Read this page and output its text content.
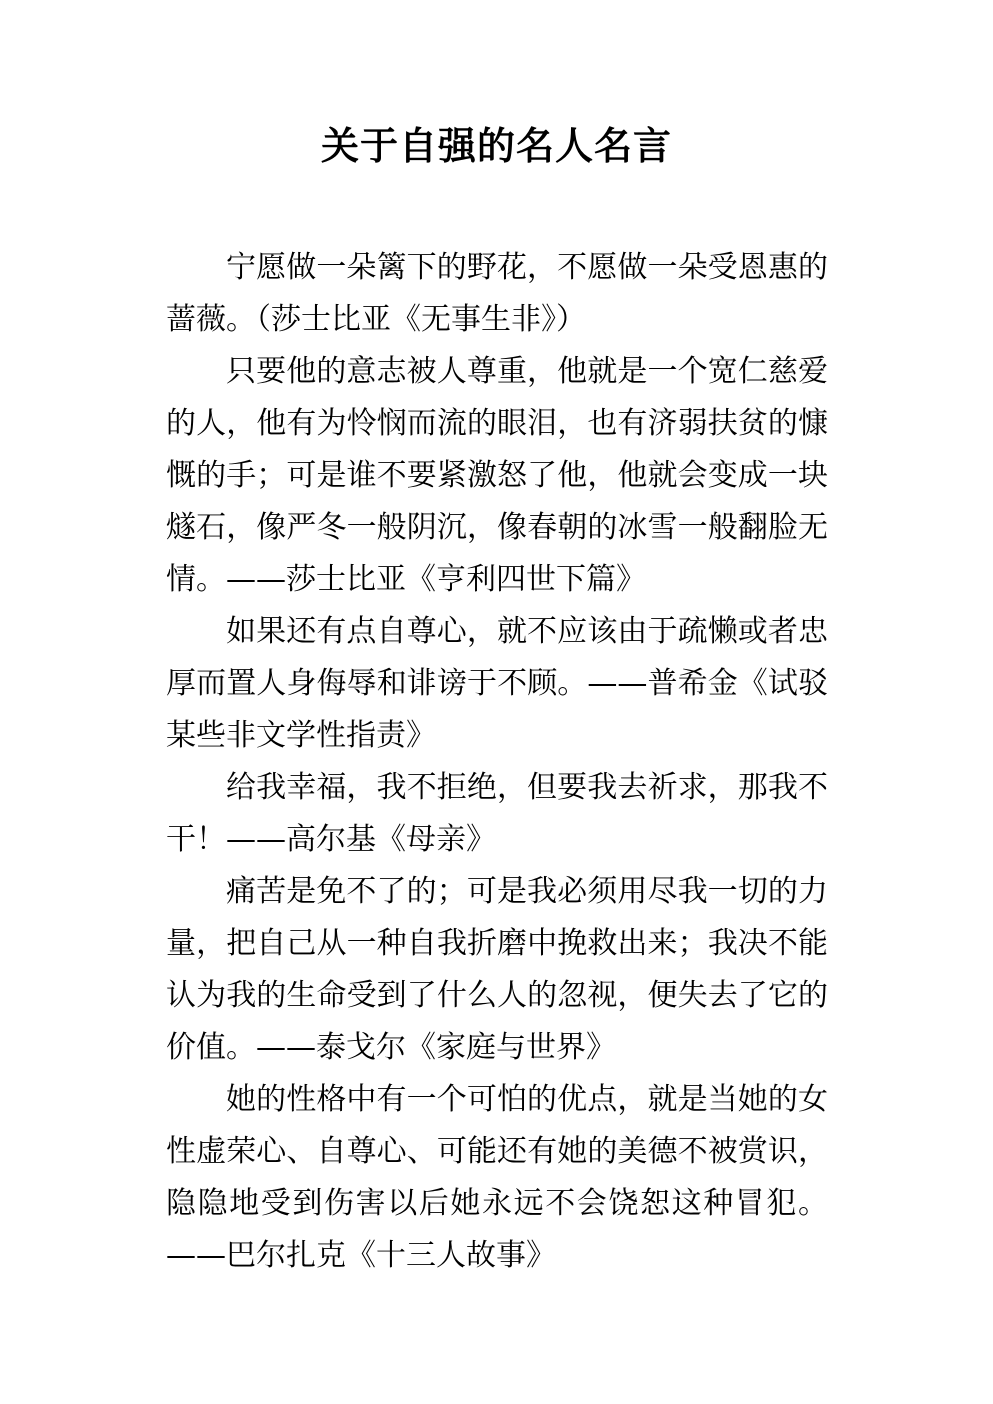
关于自强的名人名言

宁愿做一朵篱下的野花，不愿做一朵受恩惠的蔷薇。（莎士比亚《无事生非》）

只要他的意志被人尊重，他就是一个宽仁慈爱的人，他有为怜悯而流的眼泪，也有济弱扶贫的慷慨的手；可是谁不要紧激怒了他，他就会变成一块燧石，像严冬一般阴沉，像春朝的冰雪一般翻脸无情。——莎士比亚《亨利四世下篇》

如果还有点自尊心，就不应该由于疏懒或者忠厚而置人身侮辱和诽谤于不顾。——普希金《试驳某些非文学性指责》

给我幸福，我不拒绝，但要我去祈求，那我不干！——高尔基《母亲》

痛苦是免不了的；可是我必须用尽我一切的力量，把自己从一种自我折磨中挽救出来；我决不能认为我的生命受到了什么人的忽视，便失去了它的价值。——泰戈尔《家庭与世界》

她的性格中有一个可怕的优点，就是当她的女性虚荣心、自尊心、可能还有她的美德不被赏识，隐隐地受到伤害以后她永远不会饶恕这种冒犯。——巴尔扎克《十三人故事》
